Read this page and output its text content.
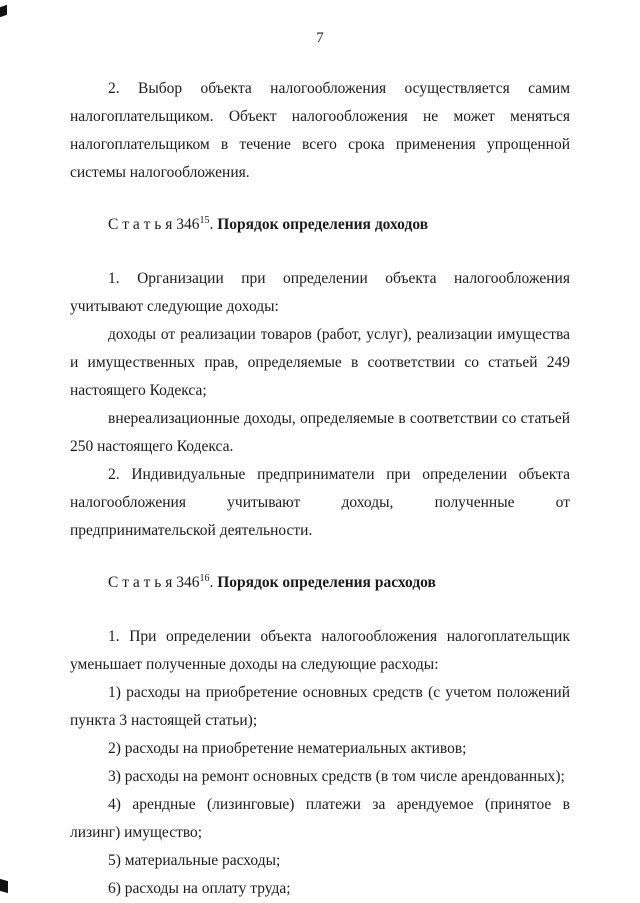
7

2. Выбор объекта налогообложения осуществляется самим налогоплательщиком. Объект налогообложения не может меняться налогоплательщиком в течение всего срока применения упрощенной системы налогообложения.

С т а т ь я $346^{15}$. Порядок определения доходов

1. Организации при определении объекта налогообложения учитывают следующие доходы:

доходы от реализации товаров (работ, услуг), реализации имущества и имущественных прав, определяемые в соответствии со статьей 249 настоящего Кодекса;

внереализационные доходы, определяемые в соответствии со статьей 250 настоящего Кодекса.

2. Индивидуальные предприниматели при определении объекта налогообложения учитывают доходы, полученные от предпринимательской деятельности.

С т а т ь я $346^{16}$. Порядок определения расходов

1. При определении объекта налогообложения налогоплательщик уменьшает полученные доходы на следующие расходы:

1) расходы на приобретение основных средств (с учетом положений пункта 3 настоящей статьи);

2) расходы на приобретение нематериальных активов;

3) расходы на ремонт основных средств (в том числе арендованных);

4) арендные (лизинговые) платежи за арендуемое (принятое в лизинг) имущество;

5) материальные расходы;

6) расходы на оплату труда;
